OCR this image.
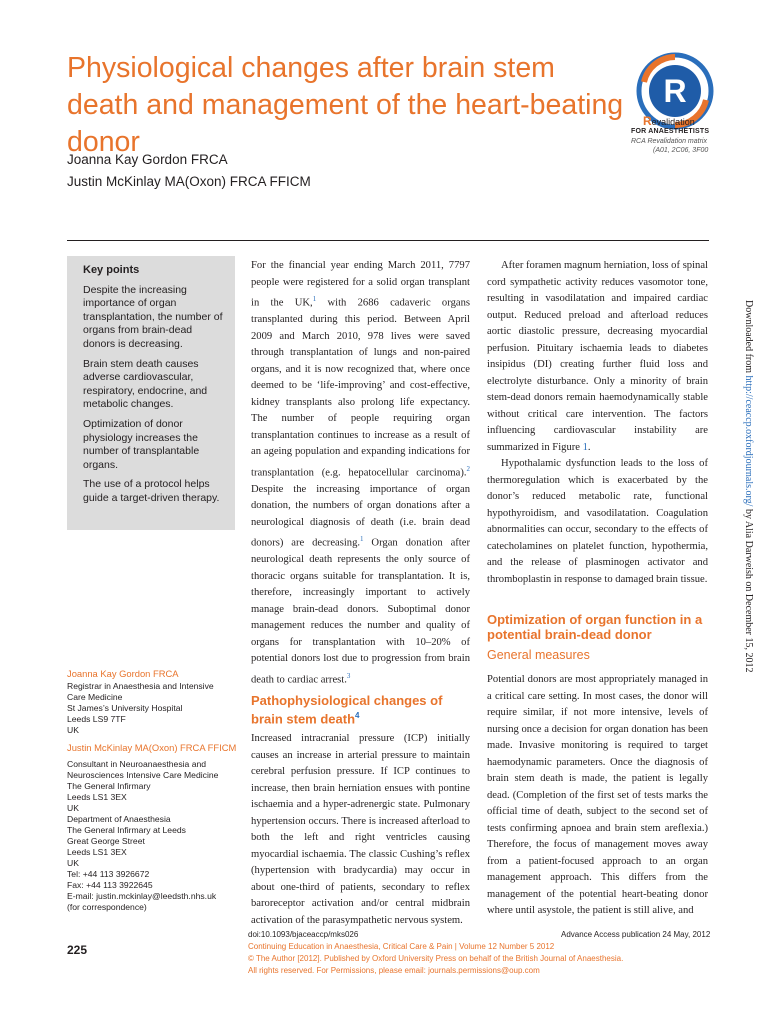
Physiological changes after brain stem death and management of the heart-beating donor
Joanna Kay Gordon FRCA
Justin McKinlay MA(Oxon) FRCA FFICM
R
Revalidation
FOR ANAESTHETISTS
RCA Revalidation matrix
(A01, 2C06, 3F00
Key points

Despite the increasing importance of organ transplantation, the number of organs from brain-dead donors is decreasing.

Brain stem death causes adverse cardiovascular, respiratory, endocrine, and metabolic changes.

Optimization of donor physiology increases the number of transplantable organs.

The use of a protocol helps guide a target-driven therapy.

For the financial year ending March 2011, 7797 people were registered for a solid organ transplant in the UK,$^1$ with 2686 cadaveric organs transplanted during this period. Between April 2009 and March 2010, 978 lives were saved through transplantation of lungs and non-paired organs, and it is now recognized that, where once deemed to be ‘life-improving’ and cost-effective, kidney transplants also prolong life expectancy. The number of people requiring organ transplantation continues to increase as a result of an ageing population and expanding indications for transplantation (e.g. hepatocellular carcinoma).$^2$ Despite the increasing importance of organ donation, the numbers of organ donations after a neurological diagnosis of death (i.e. brain dead donors) are decreasing.$^1$ Organ donation after neurological death represents the only source of thoracic organs suitable for transplantation. It is, therefore, increasingly important to actively manage brain-dead donors. Suboptimal donor management reduces the number and quality of organs for transplantation with 10–20% of potential donors lost due to progression from brain death to cardiac arrest.$^3$

Pathophysiological changes of brain stem death$^4$

Increased intracranial pressure (ICP) initially causes an increase in arterial pressure to maintain cerebral perfusion pressure. If ICP continues to increase, then brain herniation ensues with pontine ischaemia and a hyper-adrenergic state. Pulmonary hypertension occurs. There is increased afterload to both the left and right ventricles causing myocardial ischaemia. The classic Cushing’s reflex (hypertension with bradycardia) may occur in about one-third of patients, secondary to reflex baroreceptor activation and/or central midbrain activation of the parasympathetic nervous system.

After foramen magnum herniation, loss of spinal cord sympathetic activity reduces vasomotor tone, resulting in vasodilatation and impaired cardiac output. Reduced preload and afterload reduces aortic diastolic pressure, decreasing myocardial perfusion. Pituitary ischaemia leads to diabetes insipidus (DI) creating further fluid loss and electrolyte disturbance. Only a minority of brain stem-dead donors remain haemodynamically stable without critical care intervention. The factors influencing cardiovascular instability are summarized in Figure 1.

Hypothalamic dysfunction leads to the loss of thermoregulation which is exacerbated by the donor’s reduced metabolic rate, functional hypothyroidism, and vasodilatation. Coagulation abnormalities can occur, secondary to the effects of catecholamines on platelet function, hypothermia, and the release of plasminogen activator and thromboplastin in response to damaged brain tissue.

Optimization of organ function in a potential brain-dead donor
General measures

Potential donors are most appropriately managed in a critical care setting. In most cases, the donor will require similar, if not more intensive, levels of nursing once a decision for organ donation has been made. Invasive monitoring is required to target haemodynamic parameters. Once the diagnosis of brain stem death is made, the patient is legally dead. (Completion of the first set of tests marks the official time of death, subject to the second set of tests confirming apnoea and brain stem areflexia.) Therefore, the focus of management moves away from a patient-focused approach to an organ management approach. This differs from the management of the potential heart-beating donor where until asystole, the patient is still alive, and

Joanna Kay Gordon FRCA

Registrar in Anaesthesia and Intensive

Care Medicine

St James’s University Hospital

Leeds LS9 7TF

UK

Justin McKinlay MA(Oxon) FRCA FFICM

Consultant in Neuroanaesthesia and

Neurosciences Intensive Care Medicine

The General Infirmary

Leeds LS1 3EX

UK

Department of Anaesthesia

The General Infirmary at Leeds

Great George Street

Leeds LS1 3EX

UK

Tel: +44 113 3926672

Fax: +44 113 3922645

E-mail: justin.mckinlay@leedsth.nhs.uk

(for correspondence)

225
doi:10.1093/bjaceaccp/mks026	Advance Access publication 24 May, 2012
Continuing Education in Anaesthesia, Critical Care & Pain | Volume 12 Number 5 2012
© The Author [2012]. Published by Oxford University Press on behalf of the British Journal of Anaesthesia.
All rights reserved. For Permissions, please email: journals.permissions@oup.com
Downloaded from http://ceaccp.oxfordjournals.org/ by Alia Darweish on December 15, 2012
